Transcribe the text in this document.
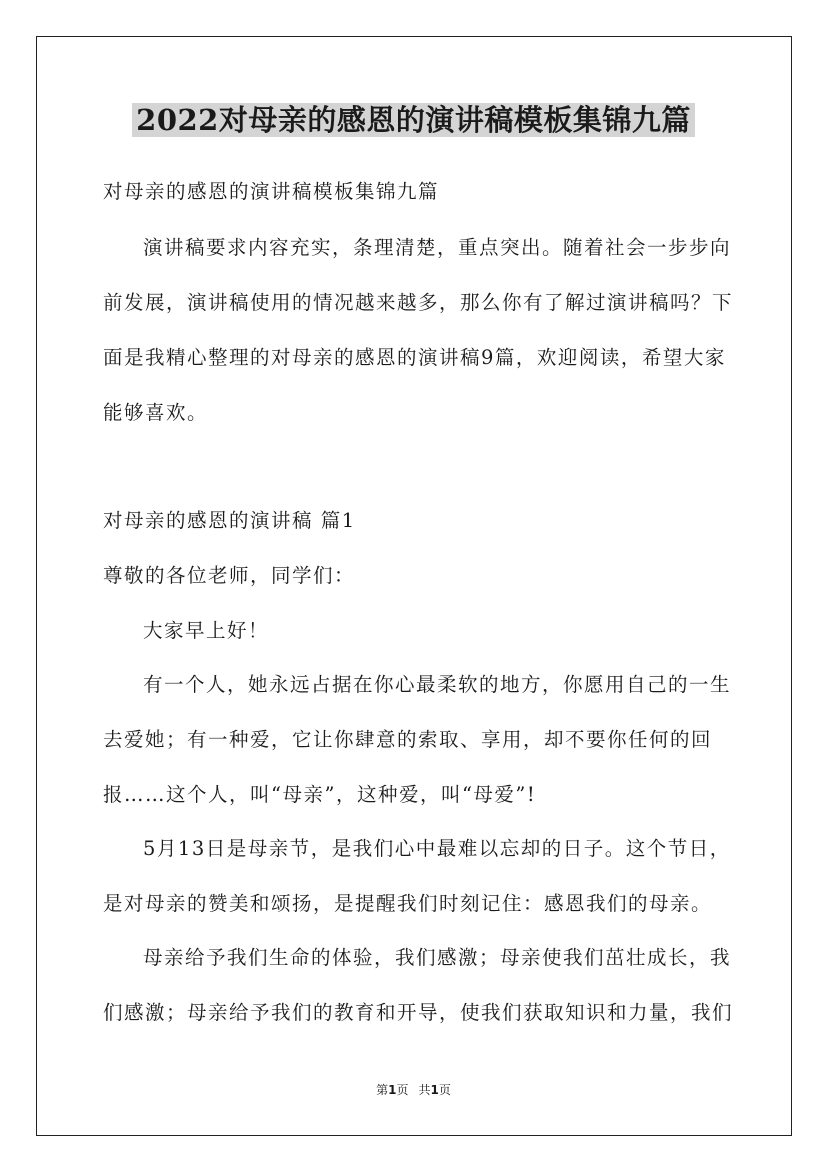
2022对母亲的感恩的演讲稿模板集锦九篇
对母亲的感恩的演讲稿模板集锦九篇
演讲稿要求内容充实，条理清楚，重点突出。随着社会一步步向
前发展，演讲稿使用的情况越来越多，那么你有了解过演讲稿吗？下
面是我精心整理的对母亲的感恩的演讲稿9篇，欢迎阅读，希望大家
能够喜欢。
对母亲的感恩的演讲稿 篇1
尊敬的各位老师，同学们：
大家早上好！
有一个人，她永远占据在你心最柔软的地方，你愿用自己的一生
去爱她；有一种爱，它让你肆意的索取、享用，却不要你任何的回
报……这个人，叫“母亲”，这种爱，叫“母爱”!
5月13日是母亲节，是我们心中最难以忘却的日子。这个节日，
是对母亲的赞美和颂扬，是提醒我们时刻记住：感恩我们的母亲。
母亲给予我们生命的体验，我们感激；母亲使我们茁壮成长，我
们感激；母亲给予我们的教育和开导，使我们获取知识和力量，我们
第1页 共1页
